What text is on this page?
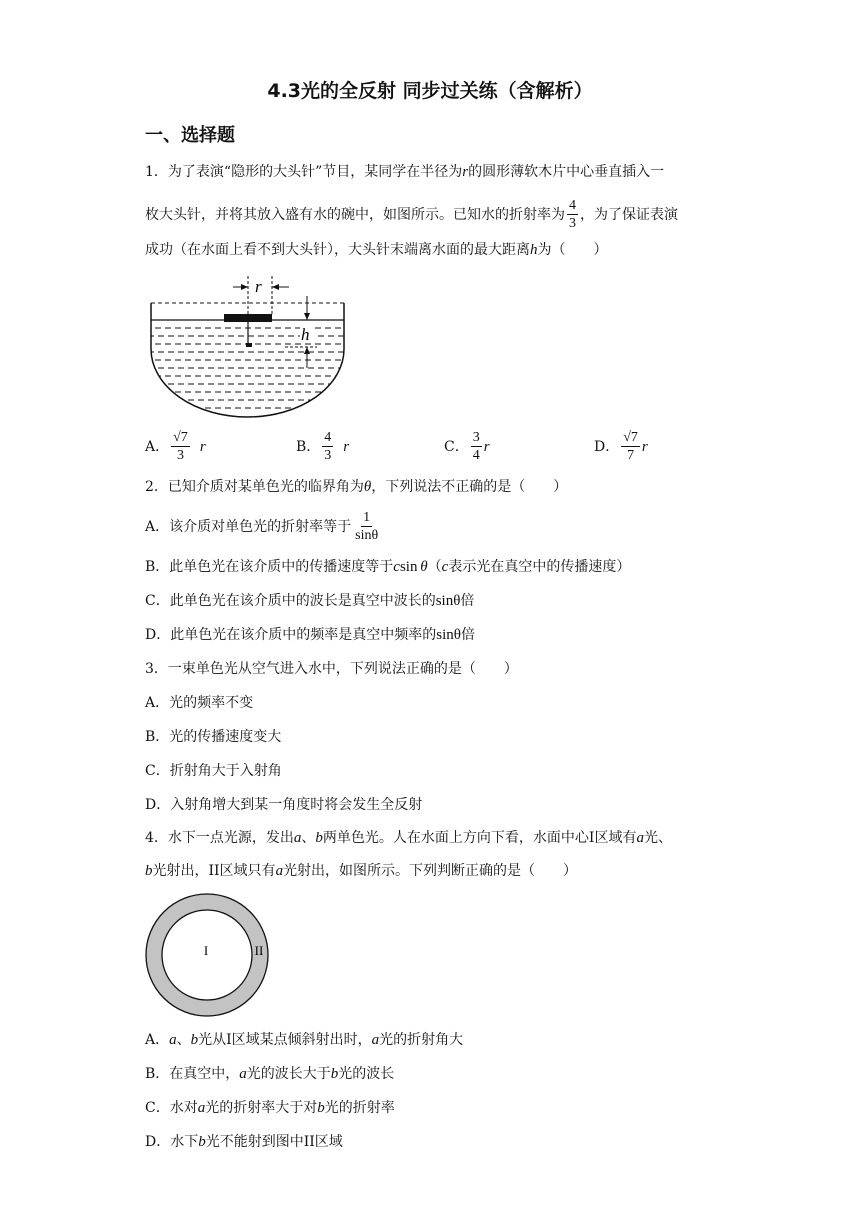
4.3光的全反射 同步过关练（含解析）
一、选择题
1．为了表演“隐形的大头针”节目，某同学在半径为r的圆形薄软木片中心垂直插入一
枚大头针，并将其放入盛有水的碗中，如图所示。已知水的折射率为 $\frac{4}{3}$ ，为了保证表演
成功（在水面上看不到大头针），大头针末端离水面的最大距离h为（　　）
r
h
A． $\frac{√7}{3}$ r	B． $\frac{4}{3}$ r	C． $\frac{3}{4}$ r	D． $\frac{√7}{7}$ r
2．已知介质对某单色光的临界角为θ，下列说法不正确的是（　　）
A．该介质对单色光的折射率等于 $\frac{1}{\sin\theta}$
B．此单色光在该介质中的传播速度等于csin  θ（c表示光在真空中的传播速度）
C．此单色光在该介质中的波长是真空中波长的sinθ倍
D．此单色光在该介质中的频率是真空中频率的sinθ倍
3．一束单色光从空气进入水中，下列说法正确的是（　　）
A．光的频率不变
B．光的传播速度变大
C．折射角大于入射角
D．入射角增大到某一角度时将会发生全反射
4．水下一点光源，发出a、b两单色光。人在水面上方向下看，水面中心I区域有a光、
b光射出，II区域只有a光射出，如图所示。下列判断正确的是（　　）
I	II
A．a、b光从I区域某点倾斜射出时，a光的折射角大
B．在真空中，a光的波长大于b光的波长
C．水对a光的折射率大于对b光的折射率
D．水下b光不能射到图中II区域
